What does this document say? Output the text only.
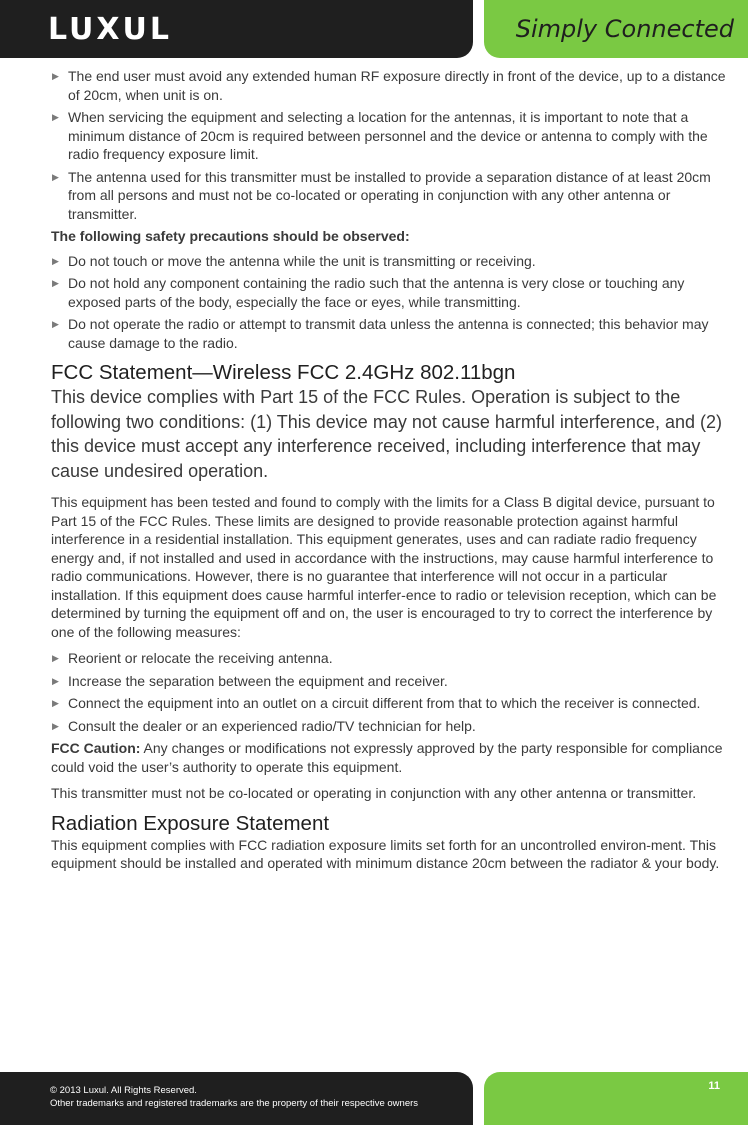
LUXUL	Simply Connected
▶ The end user must avoid any extended human RF exposure directly in front of the device, up to a distance of 20cm, when unit is on.
▶ When servicing the equipment and selecting a location for the antennas, it is important to note that a minimum distance of 20cm is required between personnel and the device or antenna to comply with the radio frequency exposure limit.
▶ The antenna used for this transmitter must be installed to provide a separation distance of at least 20cm from all persons and must not be co-located or operating in conjunction with any other antenna or transmitter.
The following safety precautions should be observed:
▶ Do not touch or move the antenna while the unit is transmitting or receiving.
▶ Do not hold any component containing the radio such that the antenna is very close or touching any exposed parts of the body, especially the face or eyes, while transmitting.
▶ Do not operate the radio or attempt to transmit data unless the antenna is connected; this behavior may cause damage to the radio.
FCC Statement—Wireless FCC 2.4GHz 802.11bgn
This device complies with Part 15 of the FCC Rules. Operation is subject to the following two conditions: (1) This device may not cause harmful interference, and (2) this device must accept any interference received, including interference that may cause undesired operation.

This equipment has been tested and found to comply with the limits for a Class B digital device, pursuant to Part 15 of the FCC Rules. These limits are designed to provide reasonable protection against harmful interference in a residential installation. This equipment generates, uses and can radiate radio frequency energy and, if not installed and used in accordance with the instructions, may cause harmful interference to radio communications. However, there is no guarantee that interference will not occur in a particular installation. If this equipment does cause harmful interfer-ence to radio or television reception, which can be determined by turning the equipment off and on, the user is encouraged to try to correct the interference by one of the following measures:

▶ Reorient or relocate the receiving antenna.
▶ Increase the separation between the equipment and receiver.
▶ Connect the equipment into an outlet on a circuit different from that to which the receiver is connected.
▶ Consult the dealer or an experienced radio/TV technician for help.

FCC Caution: Any changes or modifications not expressly approved by the party responsible for compliance could void the user’s authority to operate this equipment.

This transmitter must not be co-located or operating in conjunction with any other antenna or transmitter.

Radiation Exposure Statement

This equipment complies with FCC radiation exposure limits set forth for an uncontrolled environ-ment. This equipment should be installed and operated with minimum distance 20cm between the radiator & your body.

© 2013 Luxul. All Rights Reserved.
Other trademarks and registered trademarks are the property of their respective owners
11
